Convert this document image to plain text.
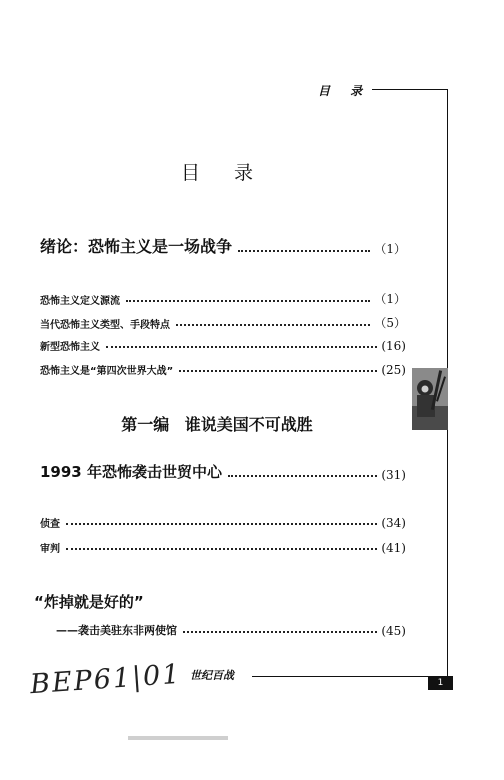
目 录
目 录
绪论：恐怖主义是一场战争	（1）
恐怖主义定义源流	（1）
当代恐怖主义类型、手段特点	（5）
新型恐怖主义	(16)
恐怖主义是“第四次世界大战”	(25)
第一编 谁说美国不可战胜
1993 年恐怖袭击世贸中心	(31)
侦查	(34)
审判	(41)
“炸掉就是好的”
——袭击美驻东非两使馆	(45)
BEP61|01 世纪百战
1
